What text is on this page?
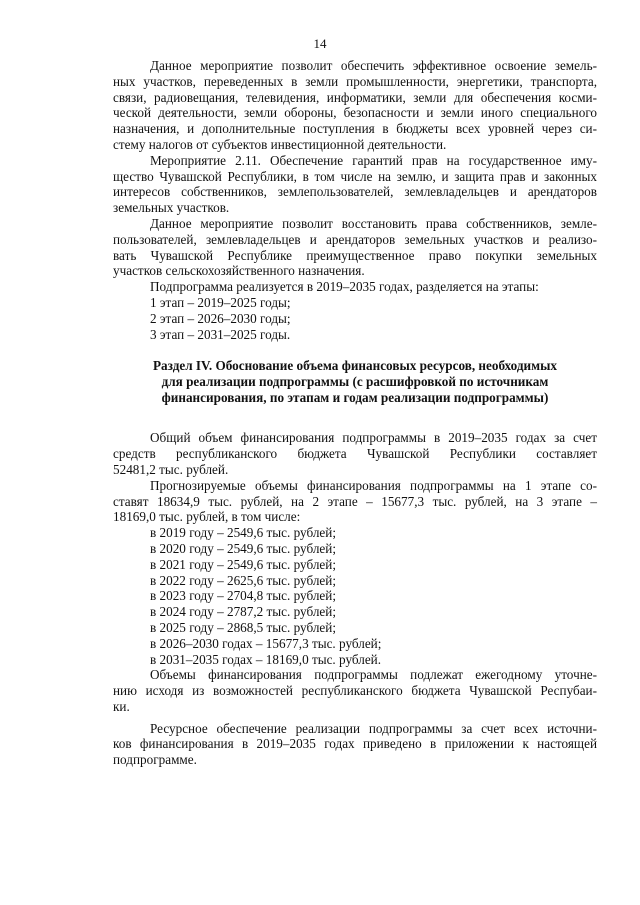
14
Данное мероприятие позволит обеспечить эффективное освоение земель-
ных участков, переведенных в земли промышленности, энергетики, транспорта,
связи, радиовещания, телевидения, информатики, земли для обеспечения косми-
ческой деятельности, земли обороны, безопасности и земли иного специального
назначения, и дополнительные поступления в бюджеты всех уровней через си-
стему налогов от субъектов инвестиционной деятельности.
Мероприятие 2.11. Обеспечение гарантий прав на государственное иму-
щество Чувашской Республики, в том числе на землю, и защита прав и законных
интересов собственников, землепользователей, землевладельцев и арендаторов
земельных участков.
Данное мероприятие позволит восстановить права собственников, земле-
пользователей, землевладельцев и арендаторов земельных участков и реализо-
вать Чувашской Республике преимущественное право покупки земельных
участков сельскохозяйственного назначения.
Подпрограмма реализуется в 2019–2035 годах, разделяется на этапы:
1 этап – 2019–2025 годы;
2 этап – 2026–2030 годы;
3 этап – 2031–2025 годы.
Раздел IV. Обоснование объема финансовых ресурсов, необходимых
для реализации подпрограммы (с расшифровкой по источникам
финансирования, по этапам и годам реализации подпрограммы)
Общий объем финансирования подпрограммы в 2019–2035 годах за счет
средств республиканского бюджета Чувашской Республики составляет
52481,2 тыс. рублей.
Прогнозируемые объемы финансирования подпрограммы на 1 этапе со-
ставят 18634,9 тыс. рублей, на 2 этапе – 15677,3 тыс. рублей, на 3 этапе –
18169,0 тыс. рублей, в том числе:
в 2019 году – 2549,6 тыс. рублей;
в 2020 году – 2549,6 тыс. рублей;
в 2021 году – 2549,6 тыс. рублей;
в 2022 году – 2625,6 тыс. рублей;
в 2023 году – 2704,8 тыс. рублей;
в 2024 году – 2787,2 тыс. рублей;
в 2025 году – 2868,5 тыс. рублей;
в 2026–2030 годах – 15677,3 тыс. рублей;
в 2031–2035 годах – 18169,0 тыс. рублей.
Объемы финансирования подпрограммы подлежат ежегодному уточне-
нию исходя из возможностей республиканского бюджета Чувашской Респубаи-
ки.
Ресурсное обеспечение реализации подпрограммы за счет всех источни-
ков финансирования в 2019–2035 годах приведено в приложении к настоящей
подпрограмме.
